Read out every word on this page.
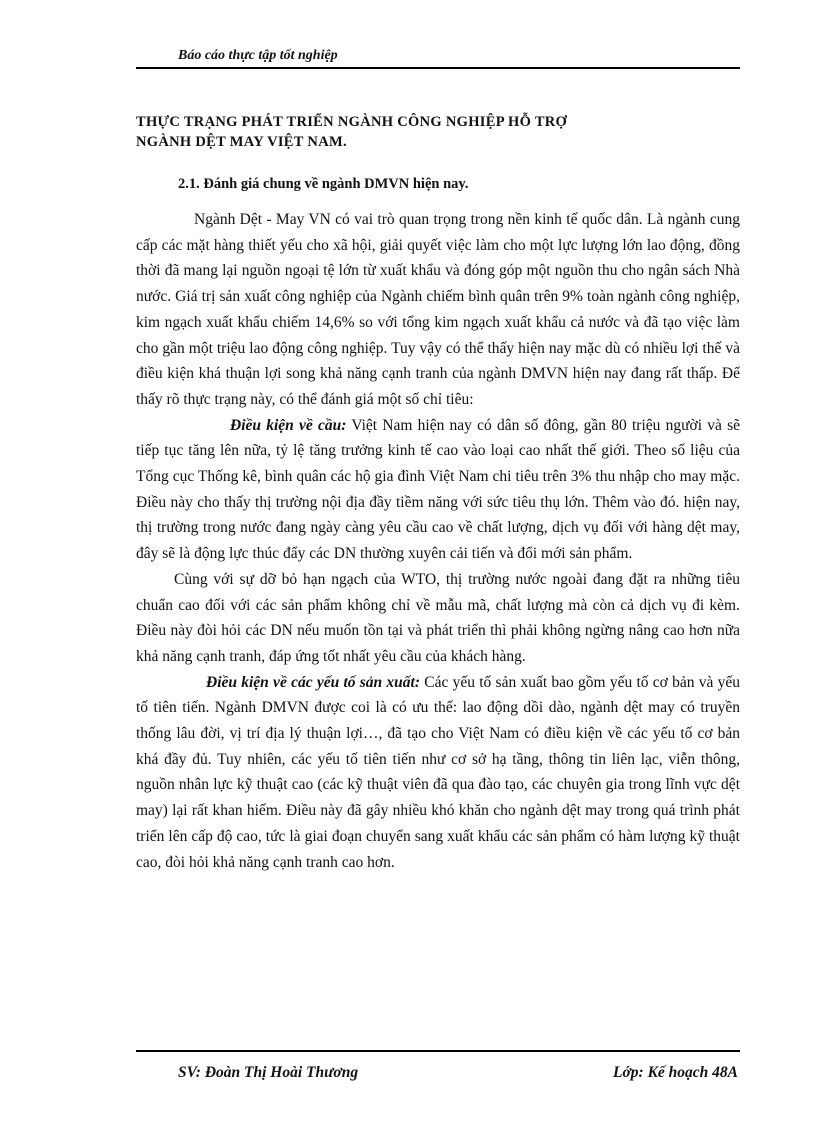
Báo cáo thực tập tốt nghiệp
THỰC TRẠNG PHÁT TRIỂN NGÀNH CÔNG NGHIỆP HỖ TRỢ
NGÀNH DỆT MAY VIỆT NAM.
2.1. Đánh giá chung về ngành DMVN hiện nay.

Ngành Dệt - May VN có vai trò quan trọng trong nền kinh tế quốc dân. Là ngành cung cấp các mặt hàng thiết yếu cho xã hội, giải quyết việc làm cho một lực lượng lớn lao động, đồng thời đã mang lại nguồn ngoại tệ lớn từ xuất khẩu và đóng góp một nguồn thu cho ngân sách Nhà nước. Giá trị sản xuất công nghiệp của Ngành chiếm bình quân trên 9% toàn ngành công nghiệp, kim ngạch xuất khẩu chiếm 14,6% so với tổng kim ngạch xuất khẩu cả nước và đã tạo việc làm cho gần một triệu lao động công nghiệp. Tuy vậy có thể thấy hiện nay mặc dù có nhiều lợi thế và điều kiện khá thuận lợi song khả năng cạnh tranh của ngành DMVN hiện nay đang rất thấp. Để thấy rõ thực trạng này, có thể đánh giá một số chỉ tiêu:

Điều kiện về cầu: Việt Nam hiện nay có dân số đông, gần 80 triệu người và sẽ tiếp tục tăng lên nữa, tỷ lệ tăng trưởng kinh tế cao vào loại cao nhất thế giới. Theo số liệu của Tổng cục Thống kê, bình quân các hộ gia đình Việt Nam chi tiêu trên 3% thu nhập cho may mặc. Điều này cho thấy thị trường nội địa đầy tiềm năng với sức tiêu thụ lớn. Thêm vào đó. hiện nay, thị trường trong nước đang ngày càng yêu cầu cao về chất lượng, dịch vụ đối với hàng dệt may, đây sẽ là động lực thúc đẩy các DN thường xuyên cải tiến và đổi mới sản phẩm.

Cùng với sự dỡ bỏ hạn ngạch của WTO, thị trường nước ngoài đang đặt ra những tiêu chuẩn cao đối với các sản phẩm không chỉ về mẫu mã, chất lượng mà còn cả dịch vụ đi kèm. Điều này đòi hỏi các DN nếu muốn tồn tại và phát triển thì phải không ngừng nâng cao hơn nữa khả năng cạnh tranh, đáp ứng tốt nhất yêu cầu của khách hàng.

Điều kiện về các yếu tố sản xuất: Các yếu tố sản xuất bao gồm yếu tố cơ bản và yếu tố tiên tiến. Ngành DMVN được coi là có ưu thế: lao động dồi dào, ngành dệt may có truyền thống lâu đời, vị trí địa lý thuận lợi…, đã tạo cho Việt Nam có điều kiện về các yếu tố cơ bản khá đầy đủ. Tuy nhiên, các yếu tố tiên tiến như cơ sở hạ tầng, thông tin liên lạc, viễn thông, nguồn nhân lực kỹ thuật cao (các kỹ thuật viên đã qua đào tạo, các chuyên gia trong lĩnh vực dệt may) lại rất khan hiếm. Điều này đã gây nhiều khó khăn cho ngành dệt may trong quá trình phát triển lên cấp độ cao, tức là giai đoạn chuyển sang xuất khẩu các sản phẩm có hàm lượng kỹ thuật cao, đòi hỏi khả năng cạnh tranh cao hơn.

SV: Đoàn Thị Hoài Thương	Lớp: Kế hoạch 48A
